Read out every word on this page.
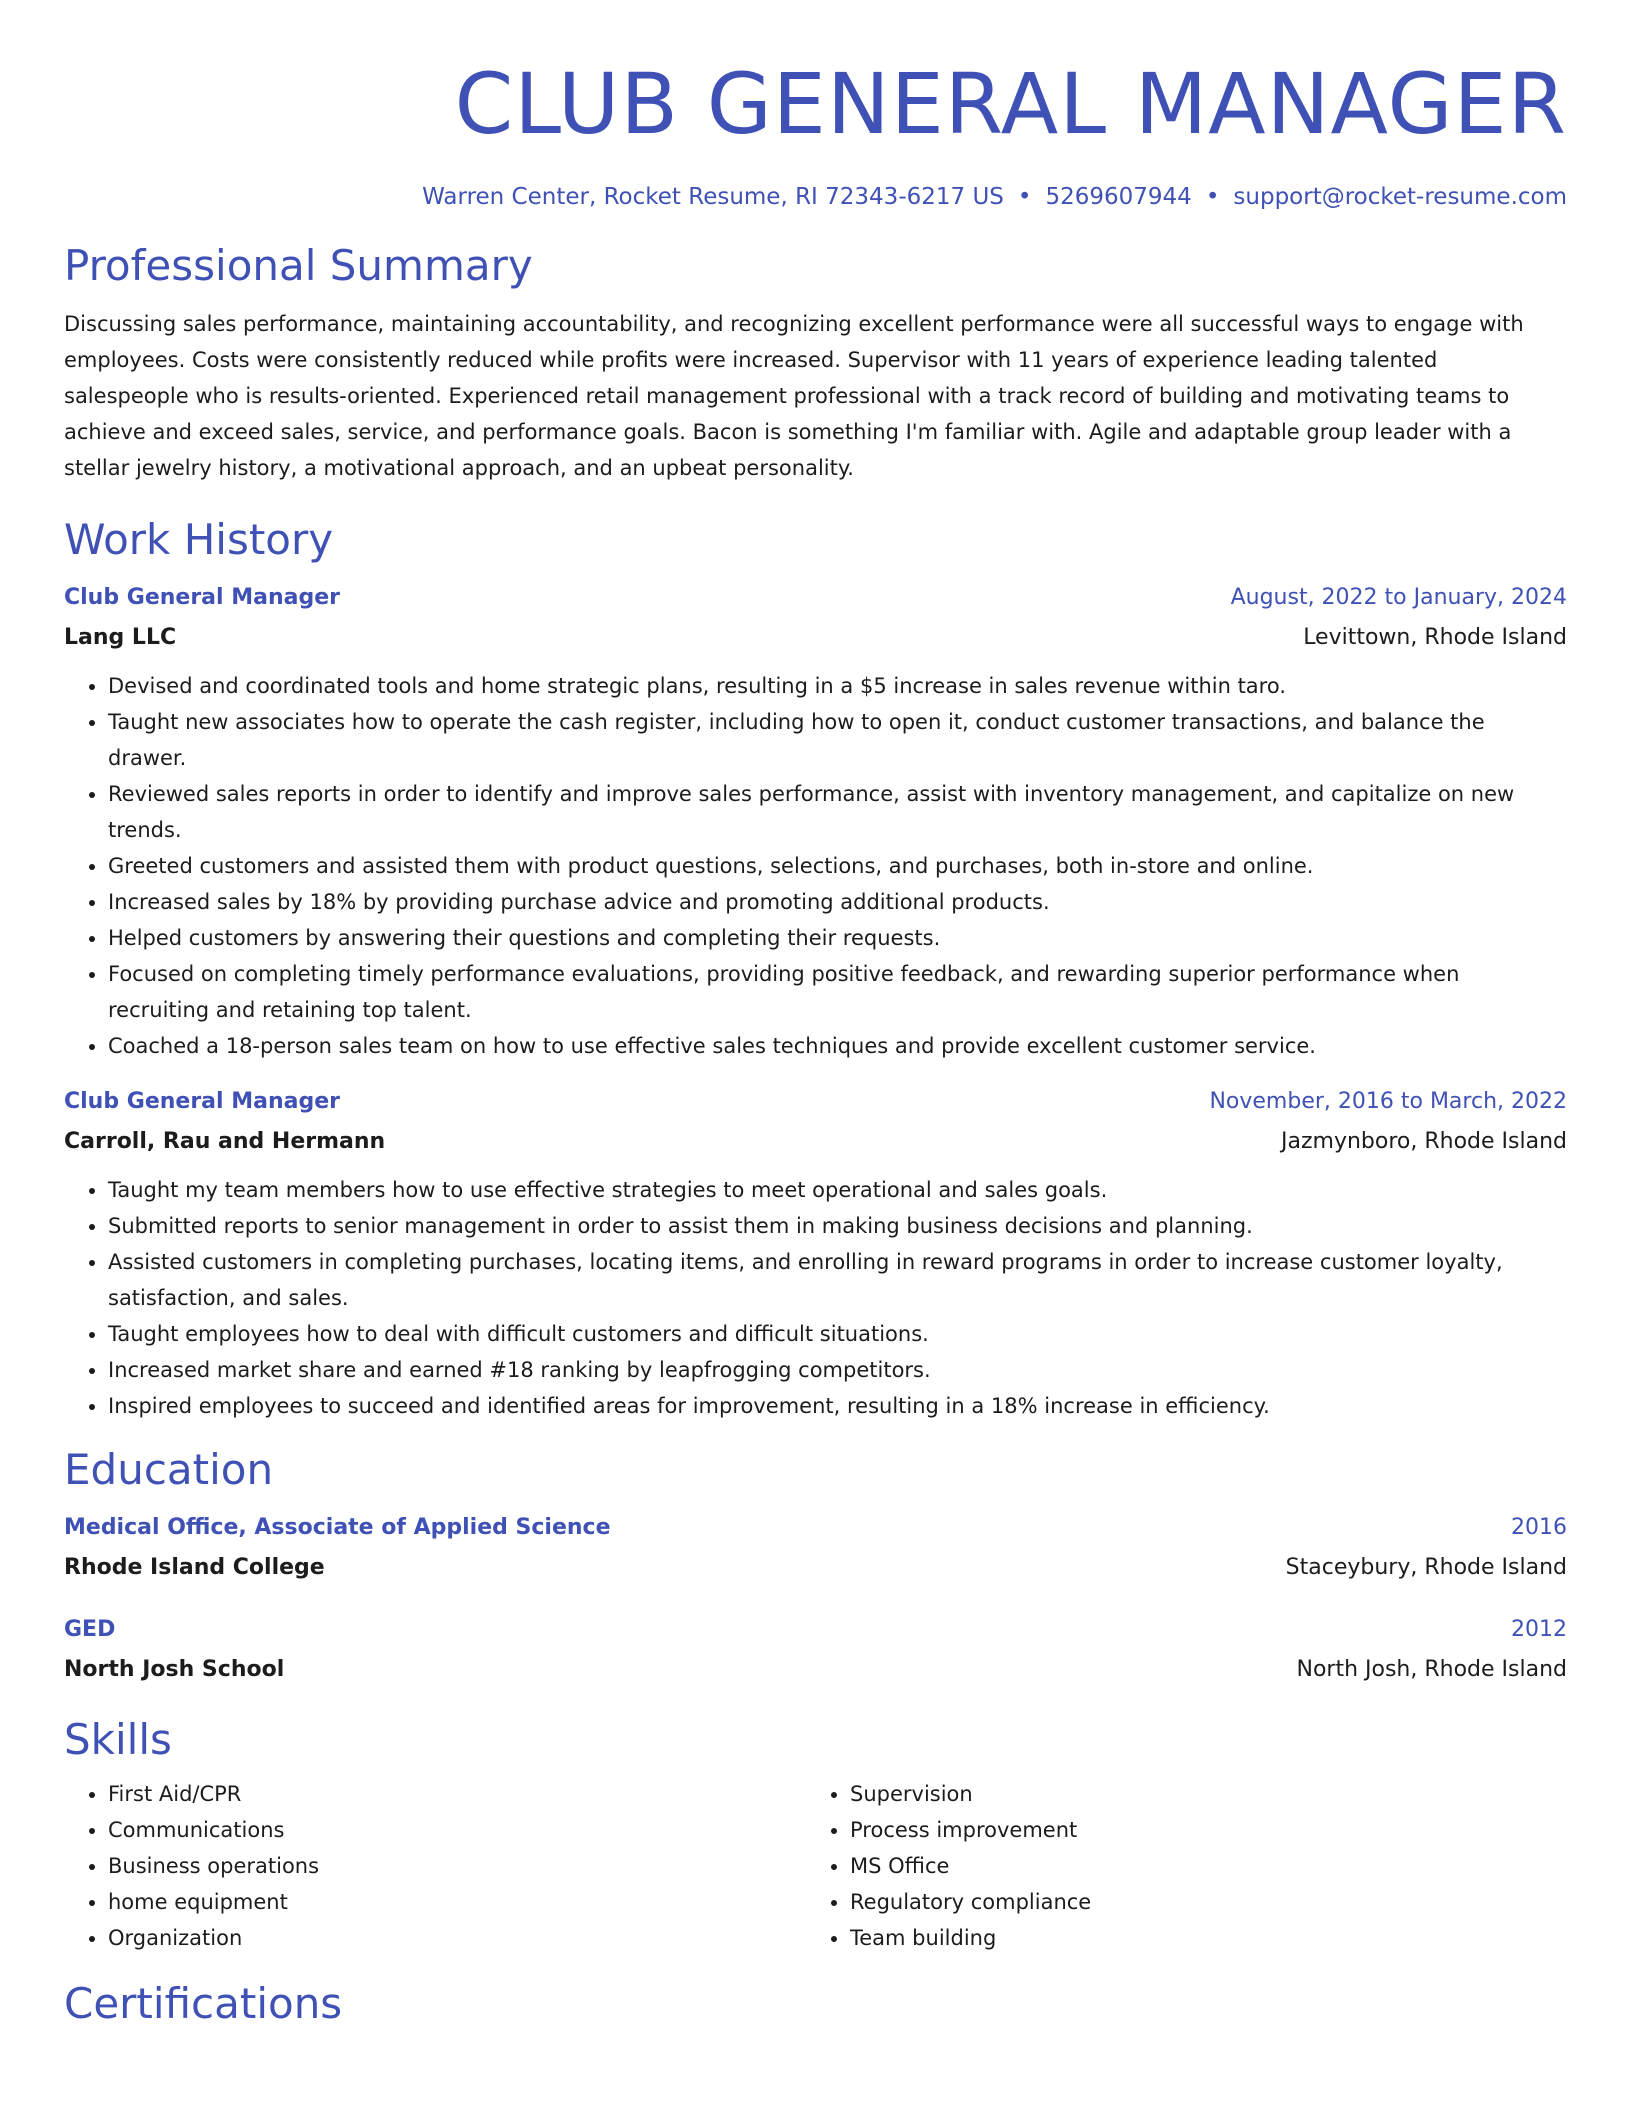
CLUB GENERAL MANAGER
Warren Center, Rocket Resume, RI 72343-6217 US • 5269607944 • support@rocket-resume.com
Professional Summary
Discussing sales performance, maintaining accountability, and recognizing excellent performance were all successful ways to engage with employees. Costs were consistently reduced while profits were increased. Supervisor with 11 years of experience leading talented salespeople who is results-oriented. Experienced retail management professional with a track record of building and motivating teams to achieve and exceed sales, service, and performance goals. Bacon is something I'm familiar with. Agile and adaptable group leader with a stellar jewelry history, a motivational approach, and an upbeat personality.
Work History
Club General Manager	August, 2022 to January, 2024
Lang LLC	Levittown, Rhode Island
• Devised and coordinated tools and home strategic plans, resulting in a $5 increase in sales revenue within taro.
• Taught new associates how to operate the cash register, including how to open it, conduct customer transactions, and balance the drawer.
• Reviewed sales reports in order to identify and improve sales performance, assist with inventory management, and capitalize on new trends.
• Greeted customers and assisted them with product questions, selections, and purchases, both in-store and online.
• Increased sales by 18% by providing purchase advice and promoting additional products.
• Helped customers by answering their questions and completing their requests.
• Focused on completing timely performance evaluations, providing positive feedback, and rewarding superior performance when recruiting and retaining top talent.
• Coached a 18-person sales team on how to use effective sales techniques and provide excellent customer service.
Club General Manager	November, 2016 to March, 2022
Carroll, Rau and Hermann	Jazmynboro, Rhode Island
• Taught my team members how to use effective strategies to meet operational and sales goals.
• Submitted reports to senior management in order to assist them in making business decisions and planning.
• Assisted customers in completing purchases, locating items, and enrolling in reward programs in order to increase customer loyalty, satisfaction, and sales.
• Taught employees how to deal with difficult customers and difficult situations.
• Increased market share and earned #18 ranking by leapfrogging competitors.
• Inspired employees to succeed and identified areas for improvement, resulting in a 18% increase in efficiency.
Education
Medical Office, Associate of Applied Science	2016
Rhode Island College	Staceybury, Rhode Island
GED	2012
North Josh School	North Josh, Rhode Island
Skills
• First Aid/CPR
• Communications
• Business operations
• home equipment
• Organization
• Supervision
• Process improvement
• MS Office
• Regulatory compliance
• Team building
Certifications
